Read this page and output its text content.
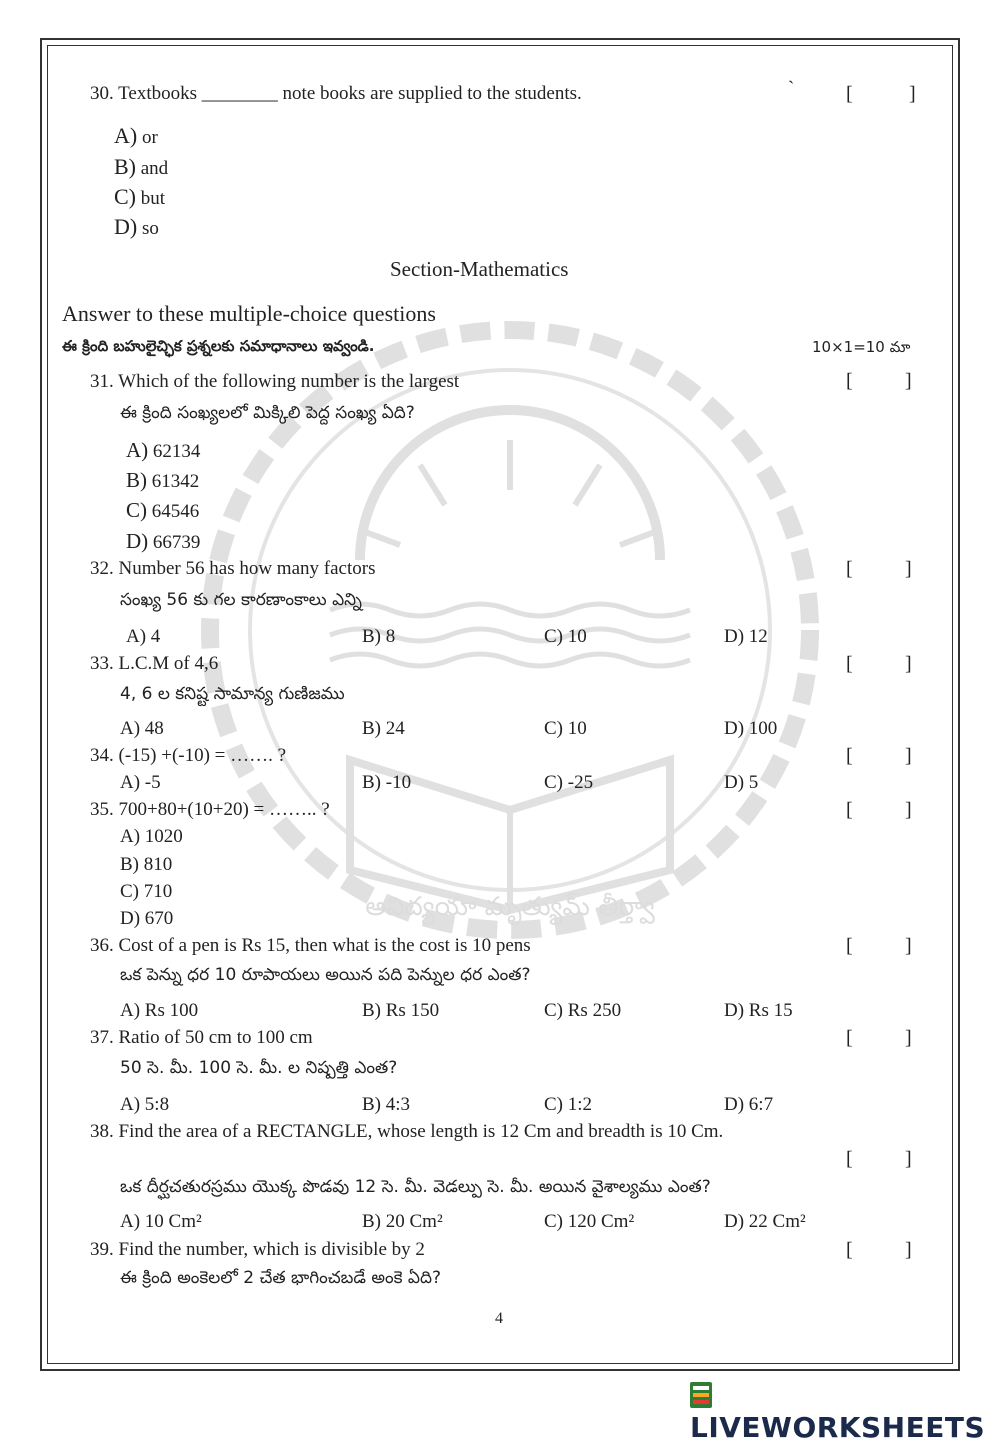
అవిద్యయా మృత్యుమ్ తీర్త్వా
30. Textbooks ________ note books are supplied to the students.	`	[	]
A) or
B) and
C) but
D) so
Section-Mathematics
Answer to these multiple-choice questions
ఈ క్రింది బహులైచ్ఛిక ప్రశ్నలకు సమాధానాలు ఇవ్వండి.	10×1=10 మా
31. Which of the following number is the largest	[	]
ఈ క్రింది సంఖ్యలలో మిక్కిలి పెద్ద సంఖ్య ఏది?
A) 62134
B) 61342
C) 64546
D) 66739
32. Number 56 has how many factors	[	]
సంఖ్య 56 కు గల కారణాంకాలు ఎన్ని
A) 4	B) 8	C) 10	D) 12
33. L.C.M of 4,6	[	]
4, 6 ల కనిష్ట సామాన్య గుణిజము
A) 48	B) 24	C) 10	D) 100
34. (-15) +(-10) = ……. ?	[	]
A) -5	B) -10	C) -25	D) 5
35. 700+80+(10+20) = …….. ?	[	]
A) 1020
B) 810
C) 710
D) 670
36. Cost of a pen is Rs 15, then what is the cost is 10 pens	[	]
ఒక పెన్ను ధర 10 రూపాయలు అయిన పది పెన్నుల ధర ఎంత?
A) Rs 100	B) Rs 150	C) Rs 250	D) Rs 15
37. Ratio of 50 cm to 100 cm	[	]
50 సె. మీ. 100 సె. మీ. ల నిష్పత్తి ఎంత?
A) 5:8	B) 4:3	C) 1:2	D) 6:7
38. Find the area of a RECTANGLE, whose length is 12 Cm and breadth is 10 Cm.
[	]
ఒక దీర్ఘచతురస్రము యొక్క పొడవు 12 సె. మీ. వెడల్పు సె. మీ. అయిన వైశాల్యము ఎంత?
A) 10 Cm²	B) 20 Cm²	C) 120 Cm²	D) 22 Cm²
39. Find the number, which is divisible by 2	[	]
ఈ క్రింది అంకెలలో 2 చేత భాగించబడే అంకె ఏది?
4
LIVEWORKSHEETS
